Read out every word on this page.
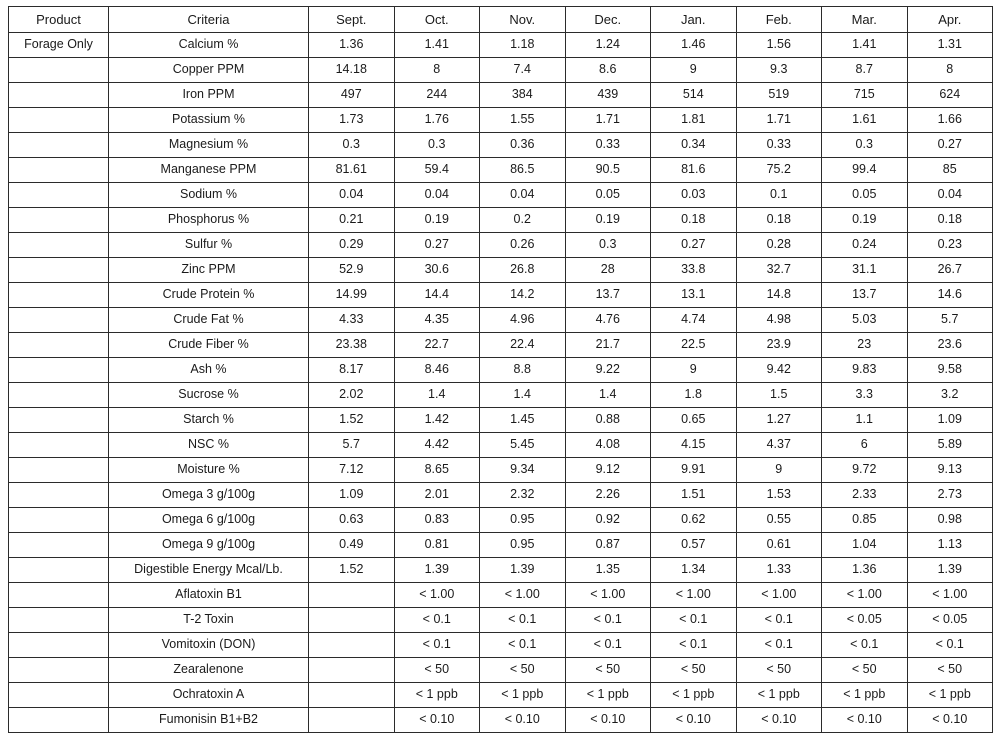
Product	Criteria	Sept.	Oct.	Nov.	Dec.	Jan.	Feb.	Mar.	Apr.
Forage Only	Calcium %	1.36	1.41	1.18	1.24	1.46	1.56	1.41	1.31
	Copper PPM	14.18	8	7.4	8.6	9	9.3	8.7	8
	Iron PPM	497	244	384	439	514	519	715	624
	Potassium %	1.73	1.76	1.55	1.71	1.81	1.71	1.61	1.66
	Magnesium %	0.3	0.3	0.36	0.33	0.34	0.33	0.3	0.27
	Manganese PPM	81.61	59.4	86.5	90.5	81.6	75.2	99.4	85
	Sodium %	0.04	0.04	0.04	0.05	0.03	0.1	0.05	0.04
	Phosphorus %	0.21	0.19	0.2	0.19	0.18	0.18	0.19	0.18
	Sulfur %	0.29	0.27	0.26	0.3	0.27	0.28	0.24	0.23
	Zinc PPM	52.9	30.6	26.8	28	33.8	32.7	31.1	26.7
	Crude Protein %	14.99	14.4	14.2	13.7	13.1	14.8	13.7	14.6
	Crude Fat %	4.33	4.35	4.96	4.76	4.74	4.98	5.03	5.7
	Crude Fiber %	23.38	22.7	22.4	21.7	22.5	23.9	23	23.6
	Ash %	8.17	8.46	8.8	9.22	9	9.42	9.83	9.58
	Sucrose %	2.02	1.4	1.4	1.4	1.8	1.5	3.3	3.2
	Starch %	1.52	1.42	1.45	0.88	0.65	1.27	1.1	1.09
	NSC %	5.7	4.42	5.45	4.08	4.15	4.37	6	5.89
	Moisture %	7.12	8.65	9.34	9.12	9.91	9	9.72	9.13
	Omega 3 g/100g	1.09	2.01	2.32	2.26	1.51	1.53	2.33	2.73
	Omega 6 g/100g	0.63	0.83	0.95	0.92	0.62	0.55	0.85	0.98
	Omega 9 g/100g	0.49	0.81	0.95	0.87	0.57	0.61	1.04	1.13
	Digestible Energy Mcal/Lb.	1.52	1.39	1.39	1.35	1.34	1.33	1.36	1.39
	Aflatoxin B1		< 1.00	< 1.00	< 1.00	< 1.00	< 1.00	< 1.00	< 1.00
	T-2 Toxin		< 0.1	< 0.1	< 0.1	< 0.1	< 0.1	< 0.05	< 0.05
	Vomitoxin (DON)		< 0.1	< 0.1	< 0.1	< 0.1	< 0.1	< 0.1	< 0.1
	Zearalenone		< 50	< 50	< 50	< 50	< 50	< 50	< 50
	Ochratoxin A		< 1 ppb	< 1 ppb	< 1 ppb	< 1 ppb	< 1 ppb	< 1 ppb	< 1 ppb
	Fumonisin B1+B2		< 0.10	< 0.10	< 0.10	< 0.10	< 0.10	< 0.10	< 0.10
